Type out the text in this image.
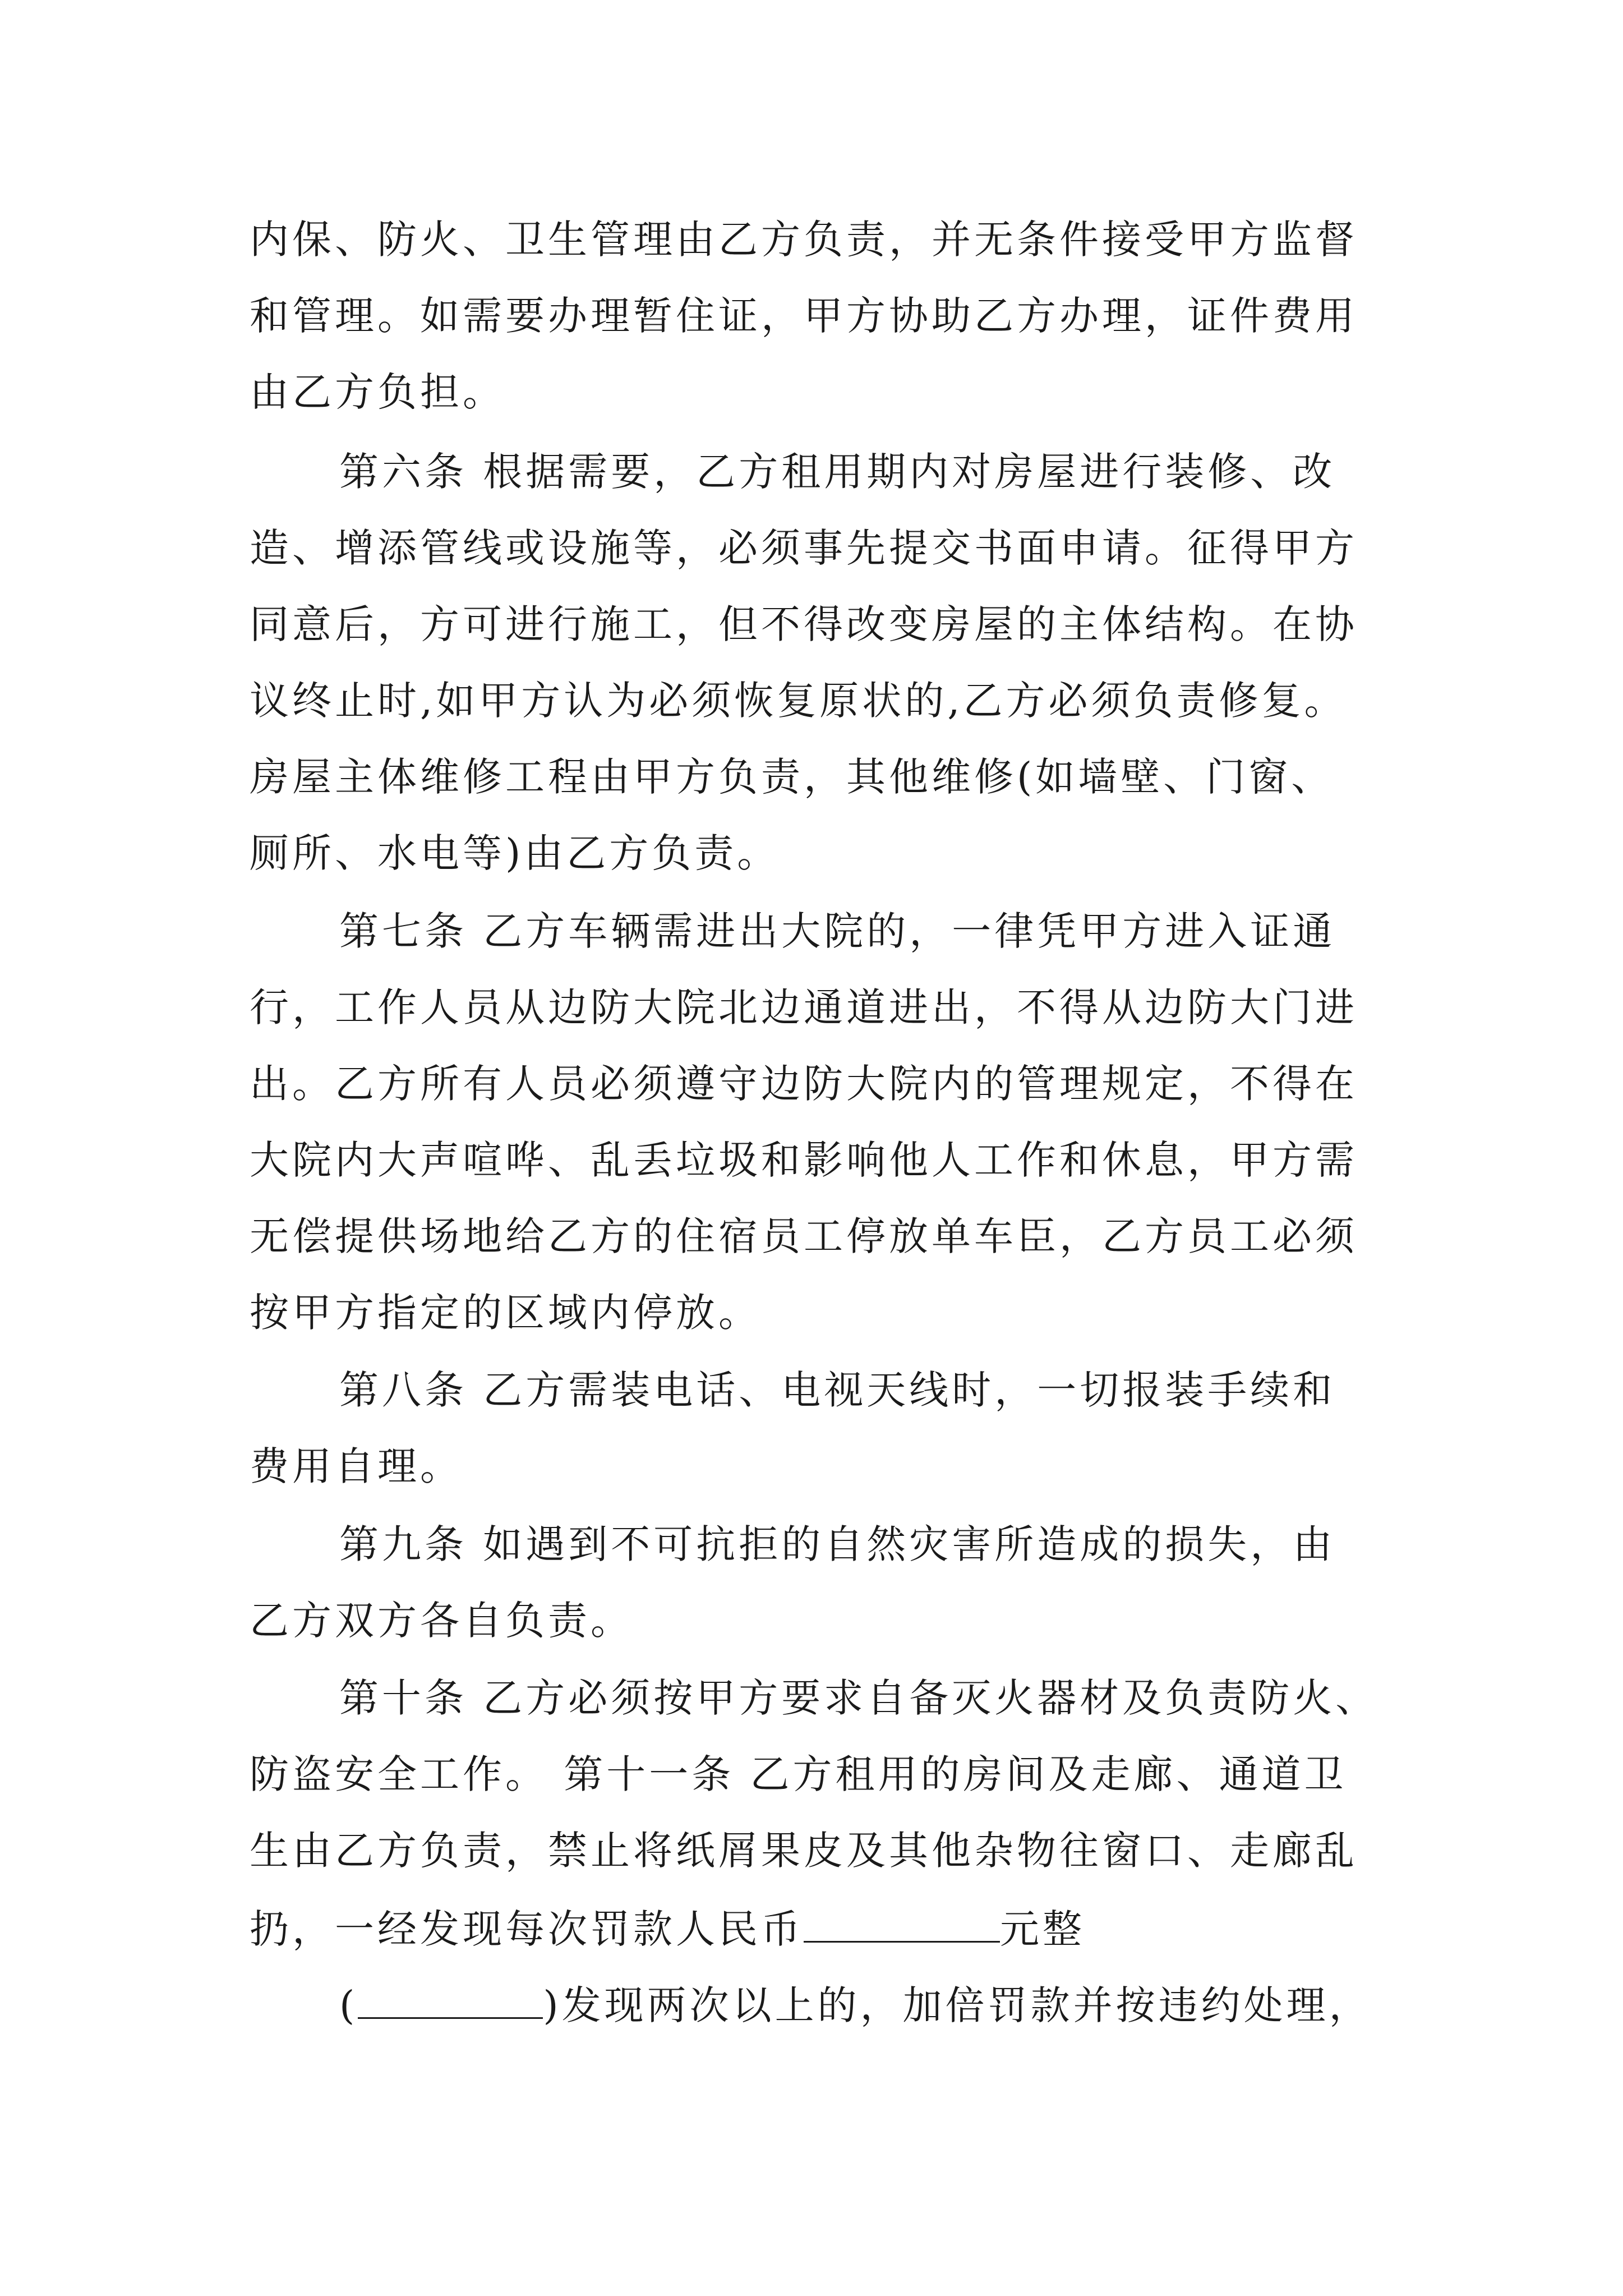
内保、防火、卫生管理由乙方负责，并无条件接受甲方监督
和管理。如需要办理暂住证，甲方协助乙方办理，证件费用
由乙方负担。
第六条 根据需要，乙方租用期内对房屋进行装修、改
造、增添管线或设施等，必须事先提交书面申请。征得甲方
同意后，方可进行施工，但不得改变房屋的主体结构。在协
议终止时,如甲方认为必须恢复原状的,乙方必须负责修复。
房屋主体维修工程由甲方负责，其他维修(如墙壁、门窗、
厕所、水电等)由乙方负责。
第七条 乙方车辆需进出大院的，一律凭甲方进入证通
行，工作人员从边防大院北边通道进出，不得从边防大门进
出。乙方所有人员必须遵守边防大院内的管理规定，不得在
大院内大声喧哗、乱丢垃圾和影响他人工作和休息，甲方需
无偿提供场地给乙方的住宿员工停放单车臣，乙方员工必须
按甲方指定的区域内停放。
第八条 乙方需装电话、电视天线时，一切报装手续和
费用自理。
第九条 如遇到不可抗拒的自然灾害所造成的损失，由
乙方双方各自负责。
第十条 乙方必须按甲方要求自备灭火器材及负责防火、
防盗安全工作。 第十一条 乙方租用的房间及走廊、通道卫
生由乙方负责，禁止将纸屑果皮及其他杂物往窗口、走廊乱
扔，一经发现每次罚款人民币	元整
(	)发现两次以上的，加倍罚款并按违约处理，
